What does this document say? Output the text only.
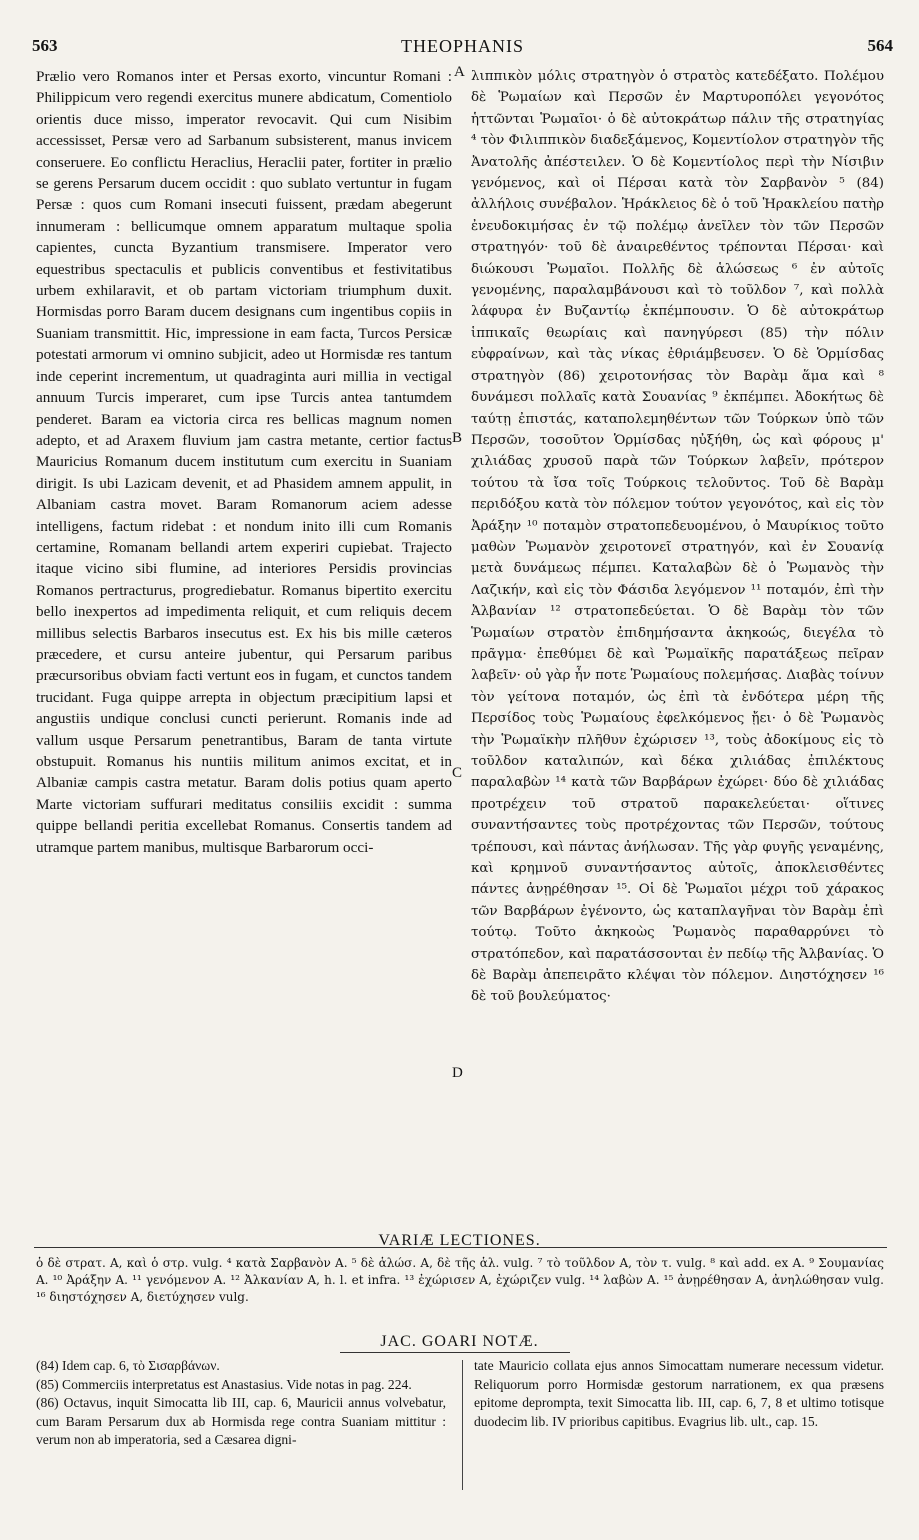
563	THEOPHANIS	564
Prælio vero Romanos inter et Persas exorto, vincuntur Romani : Philippicum vero regendi exercitus munere abdicatum, Comentiolo orientis duce misso, imperator revocavit. Qui cum Nisibim accessisset, Persæ vero ad Sarbanum subsisterent, manus invicem conseruere. Eo conflictu Heraclius, Heraclii pater, fortiter in prælio se gerens Persarum ducem occidit : quo sublato vertuntur in fugam Persæ : quos cum Romani insecuti fuissent, prædam abegerunt innumeram : bellicumque omnem apparatum multaque spolia capientes, cuncta Byzantium transmisere. Imperator vero equestribus spectaculis et publicis conventibus et festivitatibus urbem exhilaravit, et ob partam victoriam triumphum duxit. Hormisdas porro Baram ducem designans cum ingentibus copiis in Suaniam transmittit. Hic, impressione in eam facta, Turcos Persicæ potestati armorum vi omnino subjicit, adeo ut Hormisdæ res tantum inde ceperint incrementum, ut quadraginta auri millia in vectigal annuum Turcis imperaret, cum ipse Turcis antea tantumdem penderet. Baram ea victoria circa res bellicas magnum nomen adepto, et ad Araxem fluvium jam castra metante, certior factus Mauricius Romanum ducem institutum cum exercitu in Suaniam dirigit. Is ubi Lazicam devenit, et ad Phasidem amnem appulit, in Albaniam castra movet. Baram Romanorum aciem adesse intelligens, factum ridebat : et nondum inito illi cum Romanis certamine, Romanam bellandi artem experiri cupiebat. Trajecto itaque vicino sibi flumine, ad interiores Persidis provincias Romanos pertracturus, progrediebatur. Romanus bipertito exercitu bello inexpertos ad impedimenta reliquit, et cum reliquis decem millibus selectis Barbaros insecutus est. Ex his bis mille cæteros præcedere, et cursu anteire jubentur, qui Persarum paribus præcursoribus obviam facti vertunt eos in fugam, et cunctos tandem trucidant. Fuga quippe arrepta in objectum præcipitium lapsi et angustiis undique conclusi cuncti perierunt. Romanis inde ad vallum usque Persarum penetrantibus, Baram de tanta virtute obstupuit. Romanus his nuntiis militum animos excitat, et in Albaniæ campis castra metatur. Baram dolis potius quam aperto Marte victoriam suffurari meditatus consiliis excidit : summa quippe bellandi peritia excellebat Romanus. Consertis tandem ad utramque partem manibus, multisque Barbarorum occi-
A
B
C
D
λιππικὸν μόλις στρατηγὸν ὁ στρατὸς κατεδέξατο. Πολέμου δὲ Ῥωμαίων καὶ Περσῶν ἐν Μαρτυροπόλει γεγονότος ἡττῶνται Ῥωμαῖοι· ὁ δὲ αὐτοκράτωρ πάλιν τῆς στρατηγίας ⁴ τὸν Φιλιππικὸν διαδεξάμενος, Κομεντίολον στρατηγὸν τῆς Ἀνατολῆς ἀπέστειλεν. Ὁ δὲ Κομεντίολος περὶ τὴν Νίσιβιν γενόμενος, καὶ οἱ Πέρσαι κατὰ τὸν Σαρβανὸν ⁵ (84) ἀλλήλοις συνέβαλον. Ἡράκλειος δὲ ὁ τοῦ Ἡρακλείου πατὴρ ἐνευδοκιμήσας ἐν τῷ πολέμῳ ἀνεῖλεν τὸν τῶν Περσῶν στρατηγόν· τοῦ δὲ ἀναιρεθέντος τρέπονται Πέρσαι· καὶ διώκουσι Ῥωμαῖοι. Πολλῆς δὲ ἁλώσεως ⁶ ἐν αὐτοῖς γενομένης, παραλαμβάνουσι καὶ τὸ τοῦλδον ⁷, καὶ πολλὰ λάφυρα ἐν Βυζαντίῳ ἐκπέμπουσιν. Ὁ δὲ αὐτοκράτωρ ἱππικαῖς θεωρίαις καὶ πανηγύρεσι (85) τὴν πόλιν εὐφραίνων, καὶ τὰς νίκας ἐθριάμβευσεν. Ὁ δὲ Ὁρμίσδας στρατηγὸν (86) χειροτονήσας τὸν Βαρὰμ ἅμα καὶ ⁸ δυνάμεσι πολλαῖς κατὰ Σουανίας ⁹ ἐκπέμπει. Ἀδοκήτως δὲ ταύτῃ ἐπιστάς, καταπολεμηθέντων τῶν Τούρκων ὑπὸ τῶν Περσῶν, τοσοῦτον Ὁρμίσδας ηὐξήθη, ὡς καὶ φόρους μ' χιλιάδας χρυσοῦ παρὰ τῶν Τούρκων λαβεῖν, πρότερον τούτου τὰ ἴσα τοῖς Τούρκοις τελοῦντος. Τοῦ δὲ Βαρὰμ περιδόξου κατὰ τὸν πόλεμον τούτον γεγονότος, καὶ εἰς τὸν Ἀράξην ¹⁰ ποταμὸν στρατοπεδευομένου, ὁ Μαυρίκιος τοῦτο μαθὼν Ῥωμανὸν χειροτονεῖ στρατηγόν, καὶ ἐν Σουανίᾳ μετὰ δυνάμεως πέμπει. Καταλαβὼν δὲ ὁ Ῥωμανὸς τὴν Λαζικήν, καὶ εἰς τὸν Φάσιδα λεγόμενον ¹¹ ποταμόν, ἐπὶ τὴν Ἀλβανίαν ¹² στρατοπεδεύεται. Ὁ δὲ Βαρὰμ τὸν τῶν Ῥωμαίων στρατὸν ἐπιδημήσαντα ἀκηκοώς, διεγέλα τὸ πρᾶγμα· ἐπεθύμει δὲ καὶ Ῥωμαϊκῆς παρατάξεως πεῖραν λαβεῖν· οὐ γὰρ ἦν ποτε Ῥωμαίους πολεμήσας. Διαβὰς τοίνυν τὸν γείτονα ποταμόν, ὡς ἐπὶ τὰ ἐνδότερα μέρη τῆς Περσίδος τοὺς Ῥωμαίους ἐφελκόμενος ᾔει· ὁ δὲ Ῥωμανὸς τὴν Ῥωμαϊκὴν πλῆθυν ἐχώρισεν ¹³, τοὺς ἀδοκίμους εἰς τὸ τοῦλδον καταλιπών, καὶ δέκα χιλιάδας ἐπιλέκτους παραλαβὼν ¹⁴ κατὰ τῶν Βαρβάρων ἐχώρει· δύο δὲ χιλιάδας προτρέχειν τοῦ στρατοῦ παρακελεύεται· οἵτινες συναντήσαντες τοὺς προτρέχοντας τῶν Περσῶν, τούτους τρέπουσι, καὶ πάντας ἀνήλωσαν. Τῆς γὰρ φυγῆς γεναμένης, καὶ κρημνοῦ συναντήσαντος αὐτοῖς, ἀποκλεισθέντες πάντες ἀνῃρέθησαν ¹⁵. Οἱ δὲ Ῥωμαῖοι μέχρι τοῦ χάρακος τῶν Βαρβάρων ἐγένοντο, ὡς καταπλαγῆναι τὸν Βαρὰμ ἐπὶ τούτῳ. Τοῦτο ἀκηκοὼς Ῥωμανὸς παραθαρρύνει τὸ στρατόπεδον, καὶ παρατάσσονται ἐν πεδίῳ τῆς Ἀλβανίας. Ὁ δὲ Βαρὰμ ἀπεπειρᾶτο κλέψαι τὸν πόλεμον. Διηστόχησεν ¹⁶ δὲ τοῦ βουλεύματος·
VARIÆ LECTIONES.
ὁ δὲ στρατ. A, καὶ ὁ στρ. vulg. ⁴ κατὰ Σαρβανὸν A. ⁵ δὲ ἁλώσ. A, δὲ τῆς ἁλ. vulg. ⁷ τὸ τοῦλδον A, τὸν τ. vulg. ⁸ καὶ add. ex A. ⁹ Σουμανίας A. ¹⁰ Ἀράξην A. ¹¹ γενόμενον A. ¹² Ἀλκανίαν A, h. l. et infra. ¹³ ἐχώρισεν A, ἐχώριζεν vulg. ¹⁴ λαβὼν A. ¹⁵ ἀνῃρέθησαν A, ἀνηλώθησαν vulg. ¹⁶ διηστόχησεν A, διετύχησεν vulg.
JAC. GOARI NOTÆ.

(84) Idem cap. 6, τὸ Σισαρβάνων.

(85) Commerciis interpretatus est Anastasius. Vide notas in pag. 224.

(86) Octavus, inquit Simocatta lib III, cap. 6, Mauricii annus volvebatur, cum Baram Persarum dux ab Hormisda rege contra Suaniam mittitur : verum non ab imperatoria, sed a Cæsarea digni-

tate Mauricio collata ejus annos Simocattam numerare necessum videtur. Reliquorum porro Hormisdæ gestorum narrationem, ex qua præsens epitome deprompta, texit Simocatta lib. III, cap. 6, 7, 8 et ultimo totisque duodecim lib. IV prioribus capitibus. Evagrius lib. ult., cap. 15.
